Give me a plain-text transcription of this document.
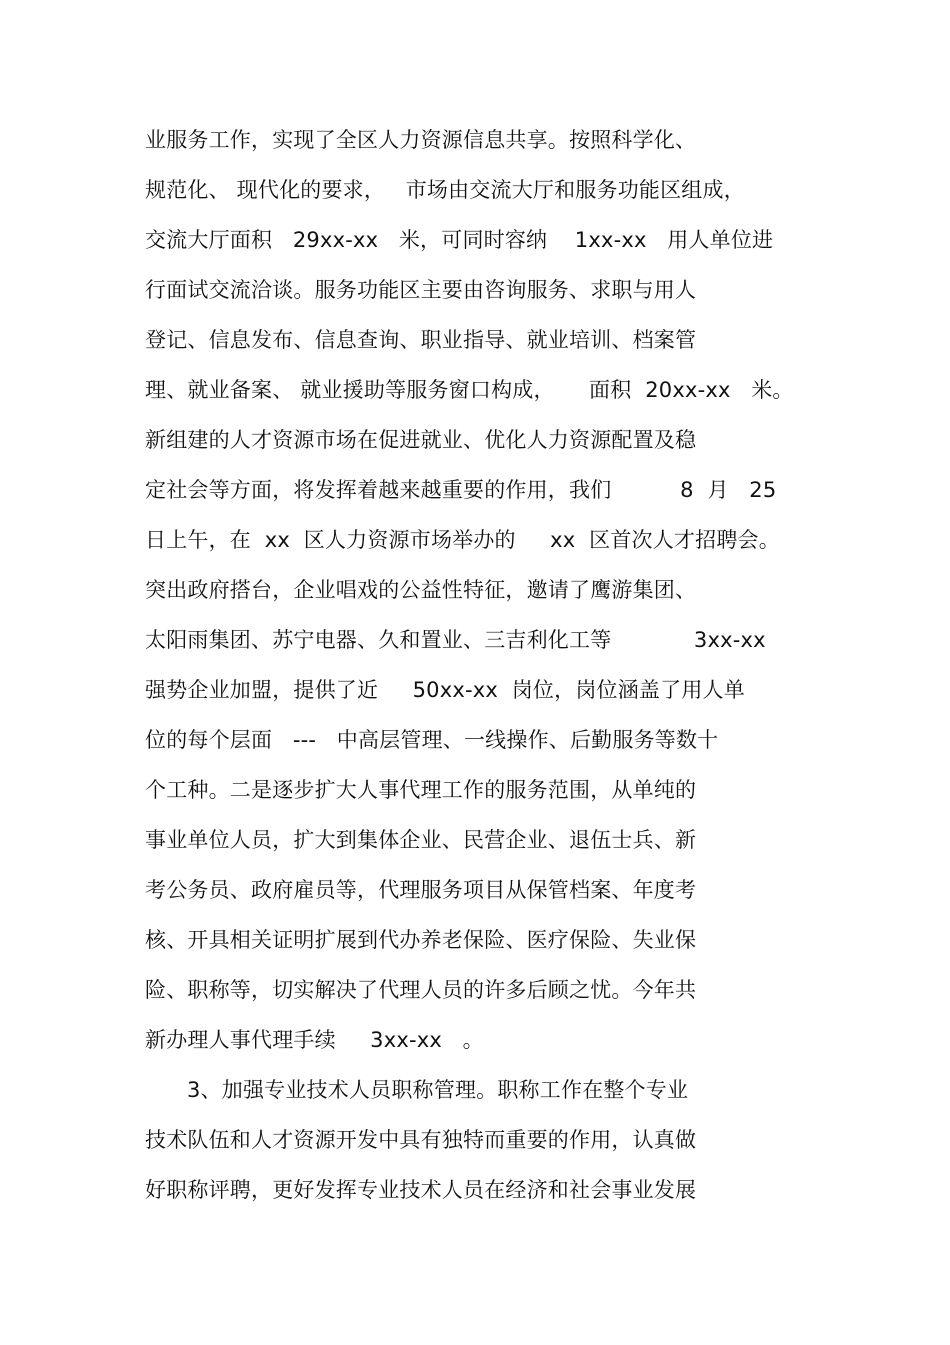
业服务工作，实现了全区人力资源信息共享。按照科学化、
规范化、 现代化的要求，   市场由交流大厅和服务功能区组成，
交流大厅面积   29xx-xx   米，可同时容纳    1xx-xx   用人单位进
行面试交流洽谈。服务功能区主要由咨询服务、求职与用人
登记、信息发布、信息查询、职业指导、就业培训、档案管
理、就业备案、 就业援助等服务窗口构成，     面积  20xx-xx   米。
新组建的人才资源市场在促进就业、优化人力资源配置及稳
定社会等方面，将发挥着越来越重要的作用，我们          8  月   25
日上午，在  xx  区人力资源市场举办的     xx  区首次人才招聘会。
突出政府搭台，企业唱戏的公益性特征，邀请了鹰游集团、
太阳雨集团、苏宁电器、久和置业、三吉利化工等            3xx-xx
强势企业加盟，提供了近     50xx-xx  岗位，岗位涵盖了用人单
位的每个层面   ---   中高层管理、一线操作、后勤服务等数十
个工种。二是逐步扩大人事代理工作的服务范围，从单纯的
事业单位人员，扩大到集体企业、民营企业、退伍士兵、新
考公务员、政府雇员等，代理服务项目从保管档案、年度考
核、开具相关证明扩展到代办养老保险、医疗保险、失业保
险、职称等，切实解决了代理人员的许多后顾之忧。今年共
新办理人事代理手续     3xx-xx   。
3、加强专业技术人员职称管理。职称工作在整个专业
技术队伍和人才资源开发中具有独特而重要的作用，认真做
好职称评聘，更好发挥专业技术人员在经济和社会事业发展
